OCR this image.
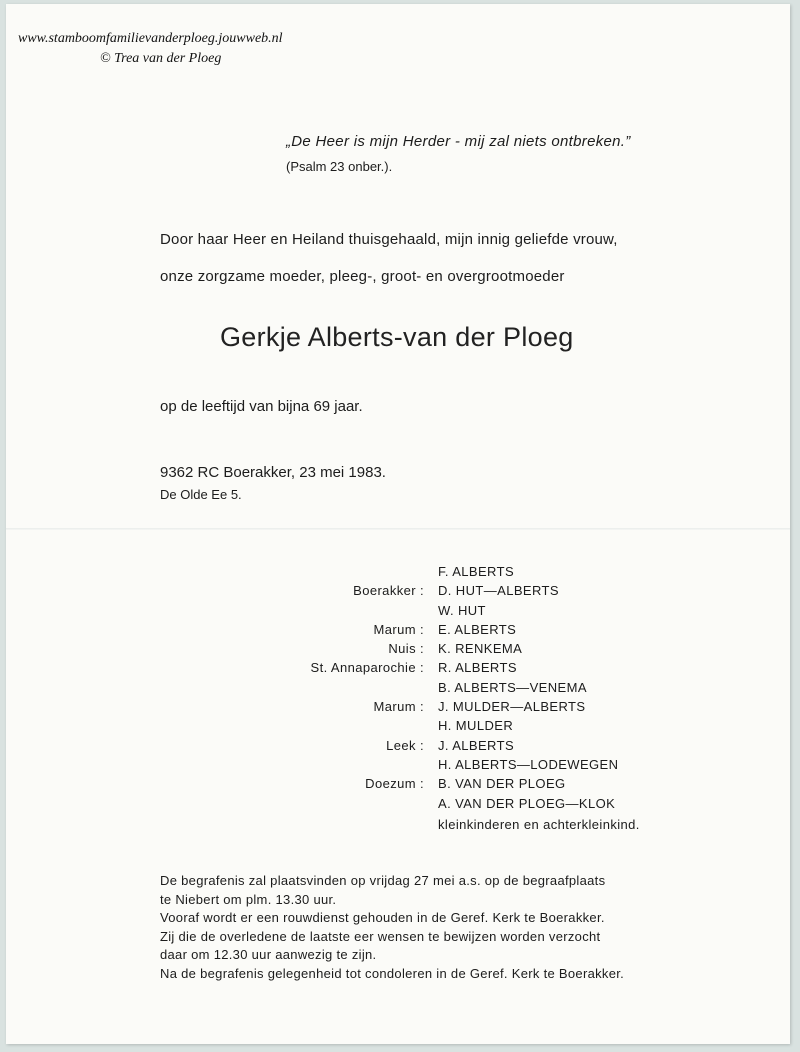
www.stamboomfamilievanderploeg.jouwweb.nl
© Trea van der Ploeg
„De Heer is mijn Herder - mij zal niets ontbreken.”
(Psalm 23 onber.).
Door haar Heer en Heiland thuisgehaald, mijn innig geliefde vrouw,
onze zorgzame moeder, pleeg-, groot- en overgrootmoeder
Gerkje Alberts-van der Ploeg
op de leeftijd van bijna 69 jaar.
9362 RC Boerakker, 23 mei 1983.
De Olde Ee 5.
F. ALBERTS
Boerakker :	D. HUT—ALBERTS
W. HUT
Marum :	E. ALBERTS
Nuis :	K. RENKEMA
St. Annaparochie :	R. ALBERTS
B. ALBERTS—VENEMA
Marum :	J. MULDER—ALBERTS
H. MULDER
Leek :	J. ALBERTS
H. ALBERTS—LODEWEGEN
Doezum :	B. VAN DER PLOEG
A. VAN DER PLOEG—KLOK
kleinkinderen en achterkleinkind.

De begrafenis zal plaatsvinden op vrijdag 27 mei a.s. op de begraafplaats

te Niebert om plm. 13.30 uur.

Vooraf wordt er een rouwdienst gehouden in de Geref. Kerk te Boerakker.

Zij die de overledene de laatste eer wensen te bewijzen worden verzocht

daar om 12.30 uur aanwezig te zijn.

Na de begrafenis gelegenheid tot condoleren in de Geref. Kerk te Boerakker.
